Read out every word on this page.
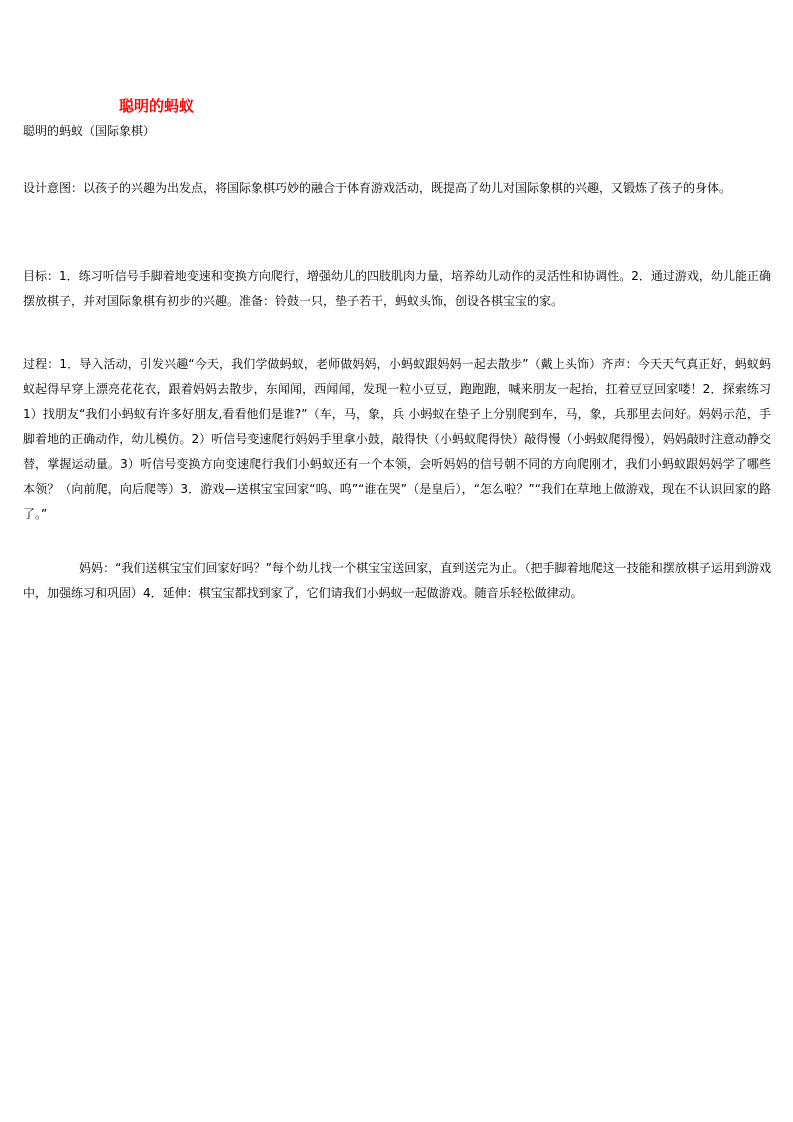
聪明的蚂蚁
聪明的蚂蚁（国际象棋）

设计意图：以孩子的兴趣为出发点，将国际象棋巧妙的融合于体育游戏活动，既提高了幼儿对国际象棋的兴趣，又锻炼了孩子的身体。

目标：1．练习听信号手脚着地变速和变换方向爬行，增强幼儿的四肢肌肉力量，培养幼儿动作的灵活性和协调性。2．通过游戏，幼儿能正确摆放棋子，并对国际象棋有初步的兴趣。准备：铃鼓一只，垫子若干，蚂蚁头饰，创设各棋宝宝的家。

过程：1．导入活动，引发兴趣“今天，我们学做蚂蚁，老师做妈妈，小蚂蚁跟妈妈一起去散步”（戴上头饰）齐声：今天天气真正好，蚂蚁蚂蚁起得早穿上漂亮花花衣，跟着妈妈去散步，东闻闻，西闻闻，发现一粒小豆豆，跑跑跑，喊来朋友一起抬，扛着豆豆回家喽！2．探索练习 1）找朋友“我们小蚂蚁有许多好朋友,看看他们是谁?”（车，马，象，兵 小蚂蚁在垫子上分别爬到车，马，象，兵那里去问好。妈妈示范，手脚着地的正确动作，幼儿模仿。2）听信号变速爬行妈妈手里拿小鼓，敲得快（小蚂蚁爬得快）敲得慢（小蚂蚁爬得慢），妈妈敲时注意动静交替，掌握运动量。3）听信号变换方向变速爬行我们小蚂蚁还有一个本领，会听妈妈的信号朝不同的方向爬刚才，我们小蚂蚁跟妈妈学了哪些本领？（向前爬，向后爬等）3．游戏—送棋宝宝回家“呜、呜”“谁在哭”（是皇后），“怎么啦？”“我们在草地上做游戏，现在不认识回家的路了。”

妈妈：“我们送棋宝宝们回家好吗？”每个幼儿找一个棋宝宝送回家，直到送完为止。（把手脚着地爬这一技能和摆放棋子运用到游戏中，加强练习和巩固）4．延伸：棋宝宝都找到家了，它们请我们小蚂蚁一起做游戏。随音乐轻松做律动。
